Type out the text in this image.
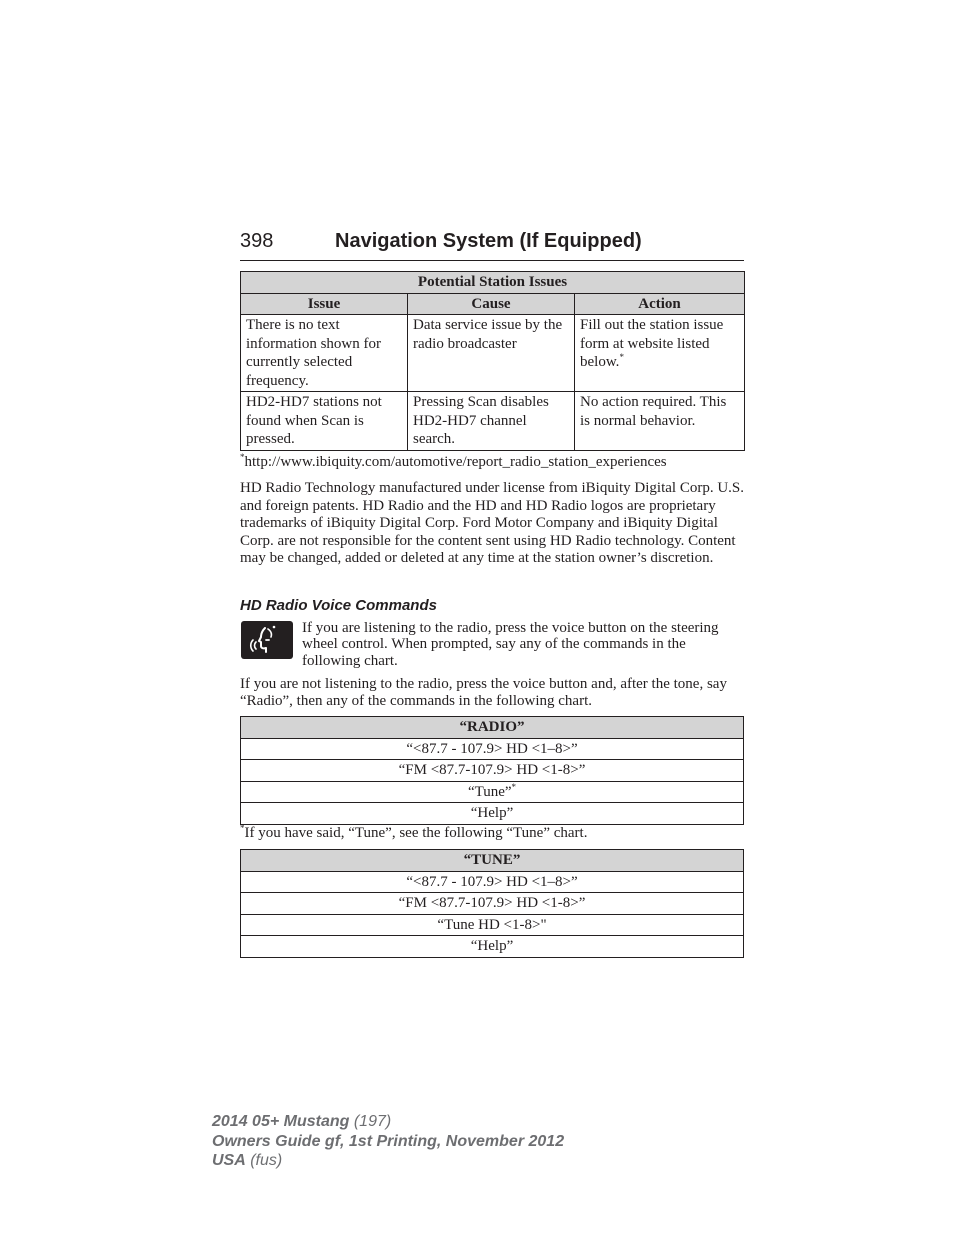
398	Navigation System (If Equipped)
Potential Station Issues		
Issue	Cause	Action
There is no text information shown for currently selected frequency.	Data service issue by the radio broadcaster	Fill out the station issue form at website listed below.*
HD2-HD7 stations not found when Scan is pressed.	Pressing Scan disables HD2-HD7 channel search.	No action required. This is normal behavior.
*http://www.ibiquity.com/automotive/report_radio_station_experiences
HD Radio Technology manufactured under license from iBiquity Digital Corp. U.S. and foreign patents. HD Radio and the HD and HD Radio logos are proprietary trademarks of iBiquity Digital Corp. Ford Motor Company and iBiquity Digital Corp. are not responsible for the content sent using HD Radio technology. Content may be changed, added or deleted at any time at the station owner’s discretion.
HD Radio Voice Commands
If you are listening to the radio, press the voice button on the steering wheel control. When prompted, say any of the commands in the following chart.
If you are not listening to the radio, press the voice button and, after the tone, say “Radio”, then any of the commands in the following chart.
“RADIO”
“<87.7 - 107.9> HD <1–8>”
“FM <87.7-107.9> HD <1-8>”
“Tune”*
“Help”
*If you have said, “Tune”, see the following “Tune” chart.
“TUNE”
“<87.7 - 107.9> HD <1–8>”
“FM <87.7-107.9> HD <1-8>”
“Tune HD <1-8>"
“Help”
2014 05+ Mustang (197)
Owners Guide gf, 1st Printing, November 2012
USA (fus)
